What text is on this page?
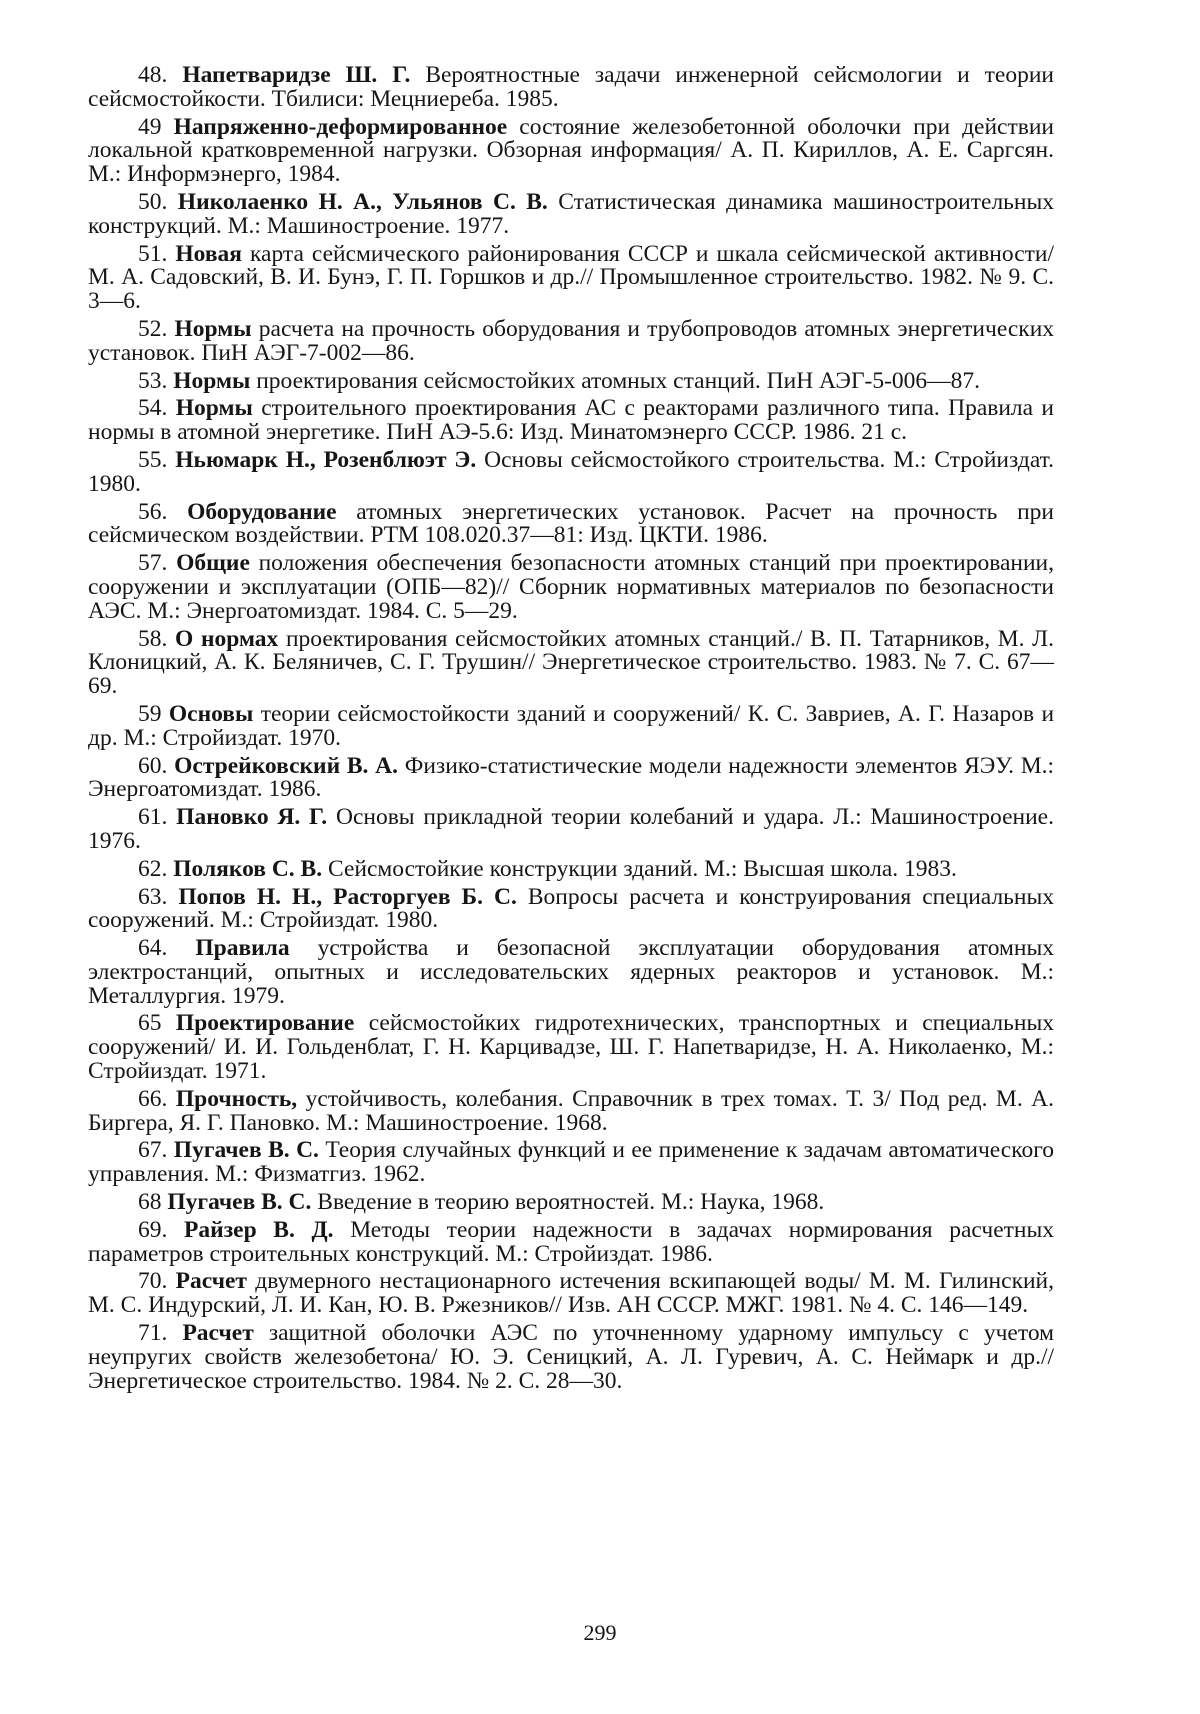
48. Напетваридзе Ш. Г. Вероятностные задачи инженерной сейсмологии и теории сейсмостойкости. Тбилиси: Мецниереба. 1985.

49 Напряженно-деформированное состояние железобетонной оболочки при действии локальной кратковременной нагрузки. Обзорная информация/ А. П. Кириллов, А. Е. Саргсян. М.: Информэнерго, 1984.

50. Николаенко Н. А., Ульянов С. В. Статистическая динамика машиностроительных конструкций. М.: Машиностроение. 1977.

51. Новая карта сейсмического районирования СССР и шкала сейсмической активности/ М. А. Садовский, В. И. Бунэ, Г. П. Горшков и др.// Промышленное строительство. 1982. № 9. С. 3—6.

52. Нормы расчета на прочность оборудования и трубопроводов атомных энергетических установок. ПиН АЭГ-7-002—86.

53. Нормы проектирования сейсмостойких атомных станций. ПиН АЭГ-5-006—87.

54. Нормы строительного проектирования АС с реакторами различного типа. Правила и нормы в атомной энергетике. ПиН АЭ-5.6: Изд. Минатомэнерго СССР. 1986. 21 с.

55. Ньюмарк Н., Розенблюэт Э. Основы сейсмостойкого строительства. М.: Стройиздат. 1980.

56. Оборудование атомных энергетических установок. Расчет на прочность при сейсмическом воздействии. РТМ 108.020.37—81: Изд. ЦКТИ. 1986.

57. Общие положения обеспечения безопасности атомных станций при проектировании, сооружении и эксплуатации (ОПБ—82)// Сборник нормативных материалов по безопасности АЭС. М.: Энергоатомиздат. 1984. С. 5—29.

58. О нормах проектирования сейсмостойких атомных станций./ В. П. Татарников, М. Л. Клоницкий, А. К. Беляничев, С. Г. Трушин// Энергетическое строительство. 1983. № 7. С. 67—69.

59 Основы теории сейсмостойкости зданий и сооружений/ К. С. Завриев, А. Г. Назаров и др. М.: Стройиздат. 1970.

60. Острейковский В. А. Физико-статистические модели надежности элементов ЯЭУ. М.: Энергоатомиздат. 1986.

61. Пановко Я. Г. Основы прикладной теории колебаний и удара. Л.: Машиностроение. 1976.

62. Поляков С. В. Сейсмостойкие конструкции зданий. М.: Высшая школа. 1983.

63. Попов Н. Н., Расторгуев Б. С. Вопросы расчета и конструирования специальных сооружений. М.: Стройиздат. 1980.

64. Правила устройства и безопасной эксплуатации оборудования атомных электростанций, опытных и исследовательских ядерных реакторов и установок. М.: Металлургия. 1979.

65 Проектирование сейсмостойких гидротехнических, транспортных и специальных сооружений/ И. И. Гольденблат, Г. Н. Карцивадзе, Ш. Г. Напетваридзе, Н. А. Николаенко, М.: Стройиздат. 1971.

66. Прочность, устойчивость, колебания. Справочник в трех томах. Т. 3/ Под ред. М. А. Биргера, Я. Г. Пановко. М.: Машиностроение. 1968.

67. Пугачев В. С. Теория случайных функций и ее применение к задачам автоматического управления. М.: Физматгиз. 1962.

68 Пугачев В. С. Введение в теорию вероятностей. М.: Наука, 1968.

69. Райзер В. Д. Методы теории надежности в задачах нормирования расчетных параметров строительных конструкций. М.: Стройиздат. 1986.

70. Расчет двумерного нестационарного истечения вскипающей воды/ М. М. Гилинский, М. С. Индурский, Л. И. Кан, Ю. В. Ржезников// Изв. АН СССР. МЖГ. 1981. № 4. С. 146—149.

71. Расчет защитной оболочки АЭС по уточненному ударному импульсу с учетом неупругих свойств железобетона/ Ю. Э. Сеницкий, А. Л. Гуревич, А. С. Неймарк и др.// Энергетическое строительство. 1984. № 2. С. 28—30.

299
